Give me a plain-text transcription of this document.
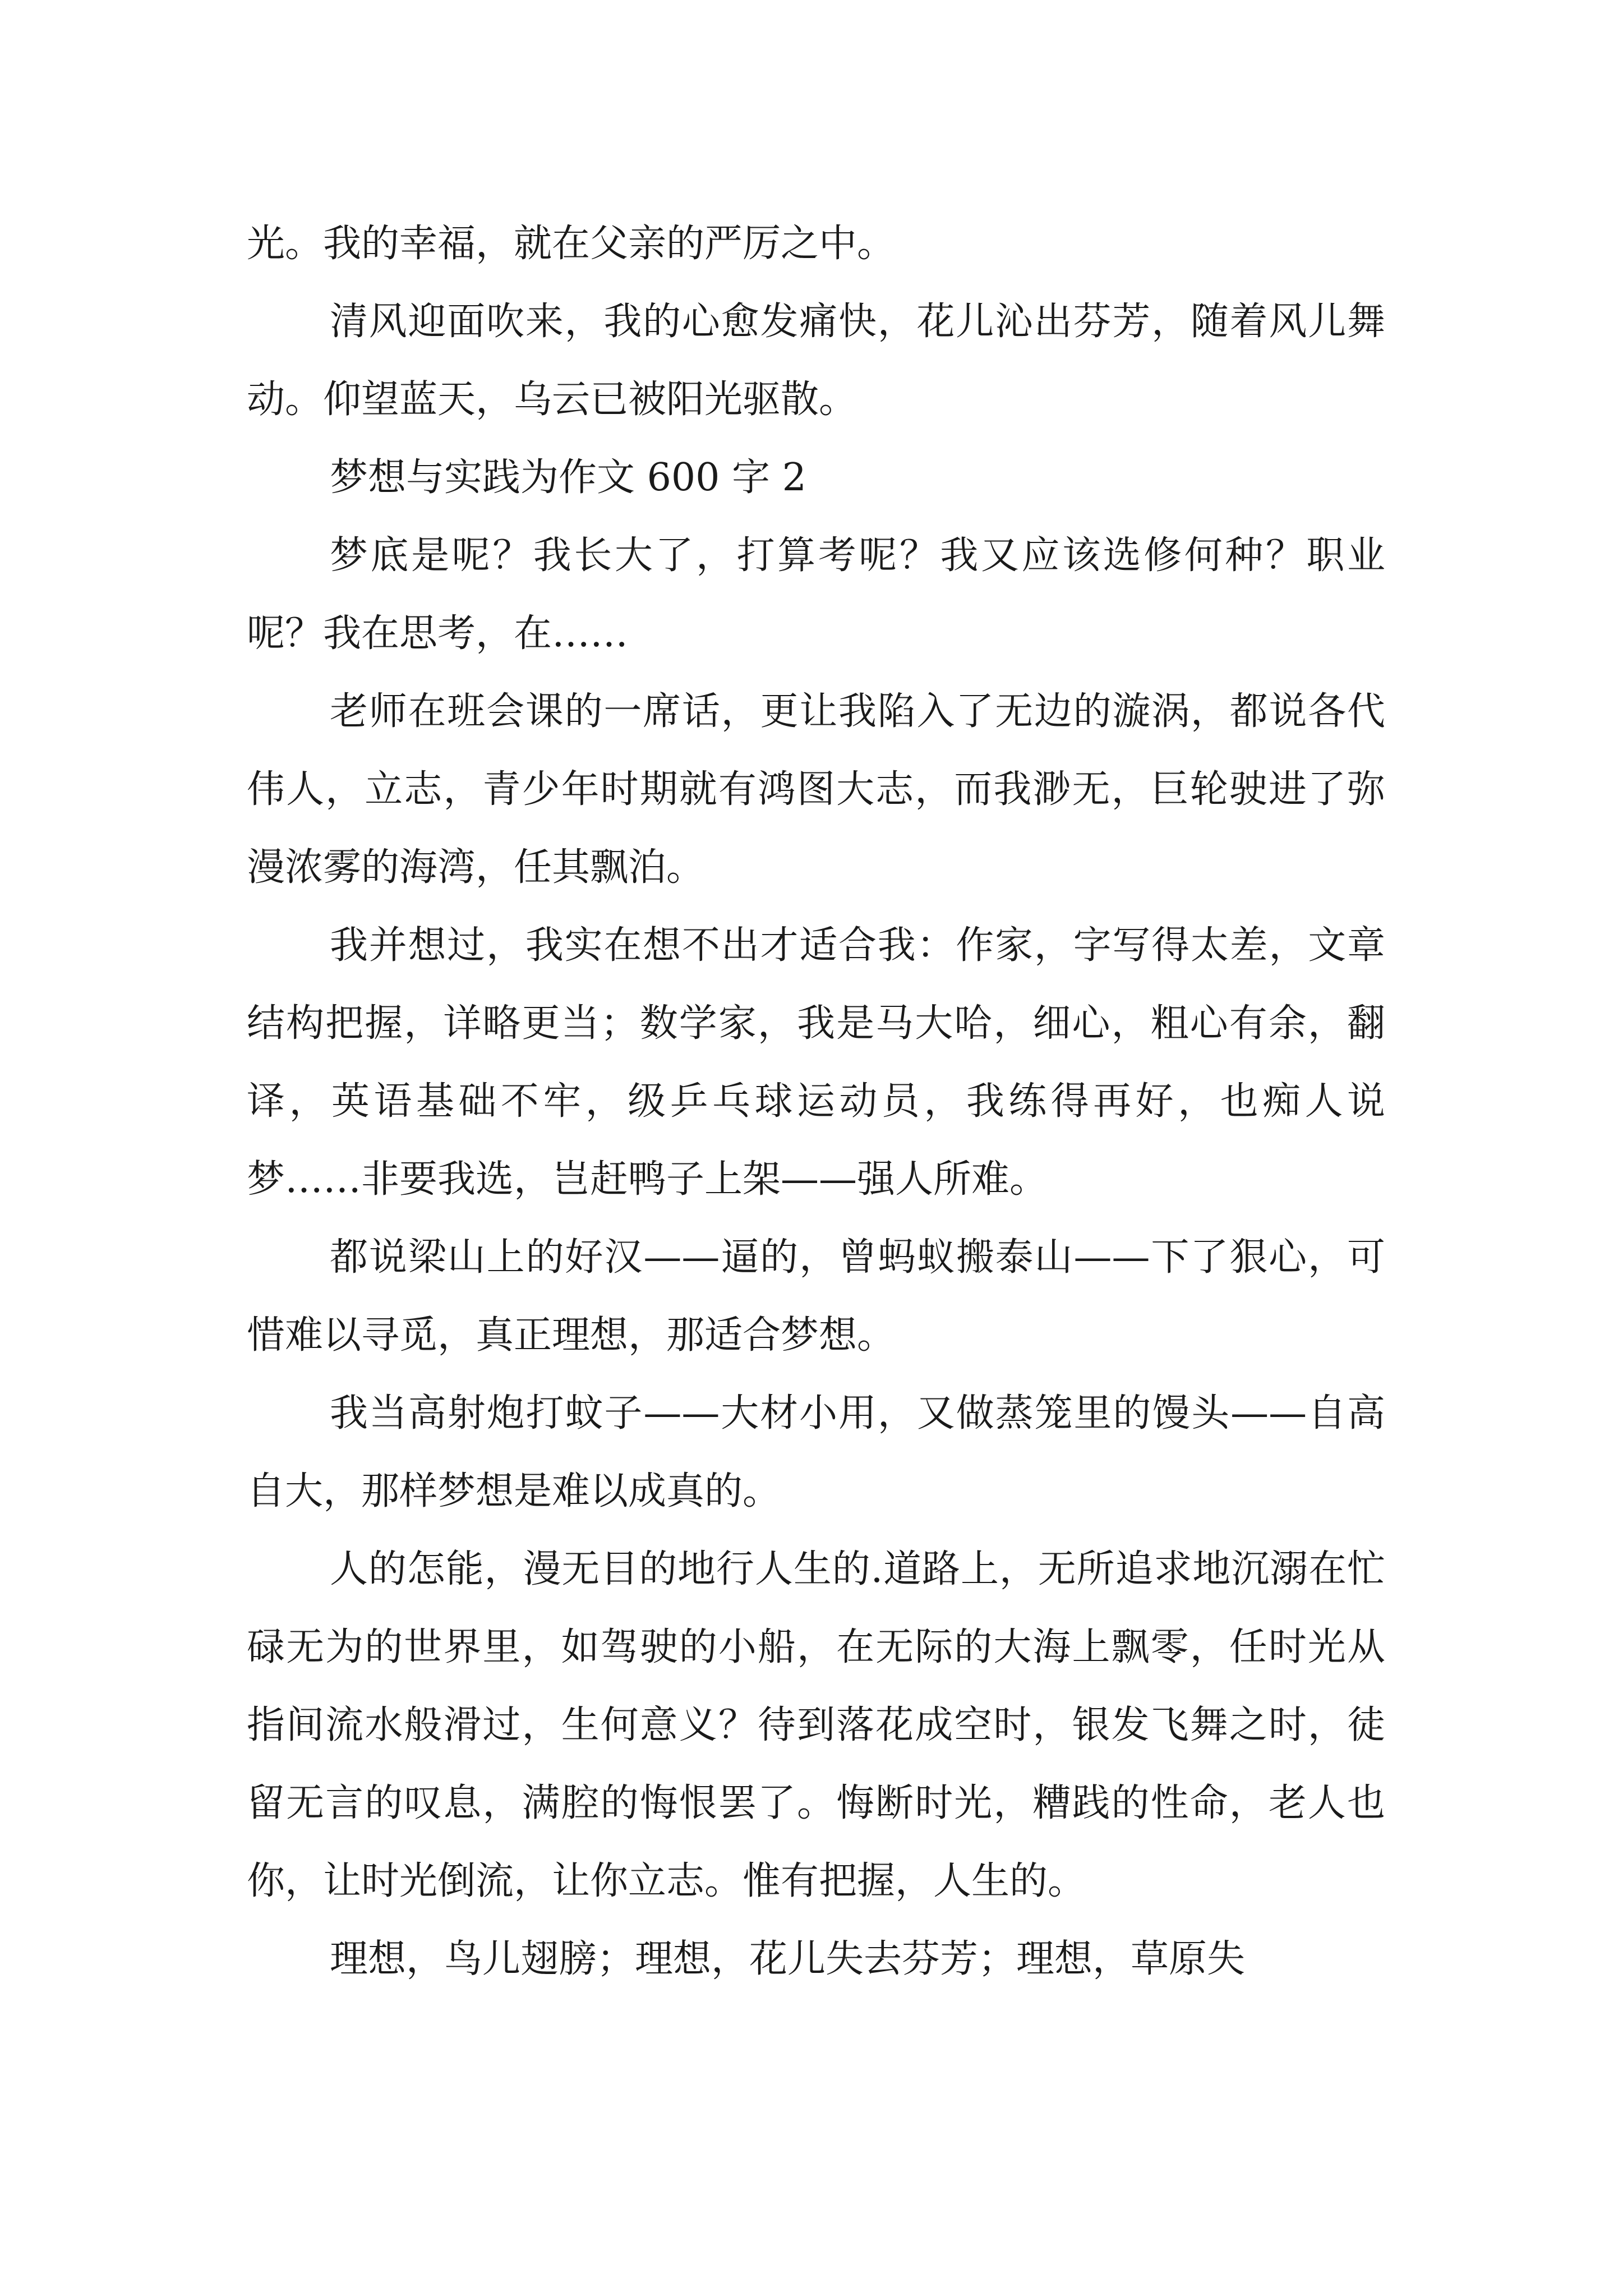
光。我的幸福，就在父亲的严厉之中。

清风迎面吹来，我的心愈发痛快，花儿沁出芬芳，随着风儿舞动。仰望蓝天，乌云已被阳光驱散。

梦想与实践为作文 600 字 2

梦底是呢？我长大了，打算考呢？我又应该选修何种？职业呢？我在思考，在……

老师在班会课的一席话，更让我陷入了无边的漩涡，都说各代伟人，立志，青少年时期就有鸿图大志，而我渺无，巨轮驶进了弥漫浓雾的海湾，任其飘泊。

我并想过，我实在想不出才适合我：作家，字写得太差，文章结构把握，详略更当；数学家，我是马大哈，细心，粗心有余，翻译，英语基础不牢，级乒乓球运动员，我练得再好，也痴人说梦……非要我选，岂赶鸭子上架——强人所难。

都说梁山上的好汉——逼的，曾蚂蚁搬泰山——下了狠心，可惜难以寻觅，真正理想，那适合梦想。

我当高射炮打蚊子——大材小用，又做蒸笼里的馒头——自高自大，那样梦想是难以成真的。

人的怎能，漫无目的地行人生的.道路上，无所追求地沉溺在忙碌无为的世界里，如驾驶的小船，在无际的大海上飘零，任时光从指间流水般滑过，生何意义？待到落花成空时，银发飞舞之时，徒留无言的叹息，满腔的悔恨罢了。悔断时光，糟践的性命，老人也你，让时光倒流，让你立志。惟有把握，人生的。

理想，鸟儿翅膀；理想，花儿失去芬芳；理想，草原失
